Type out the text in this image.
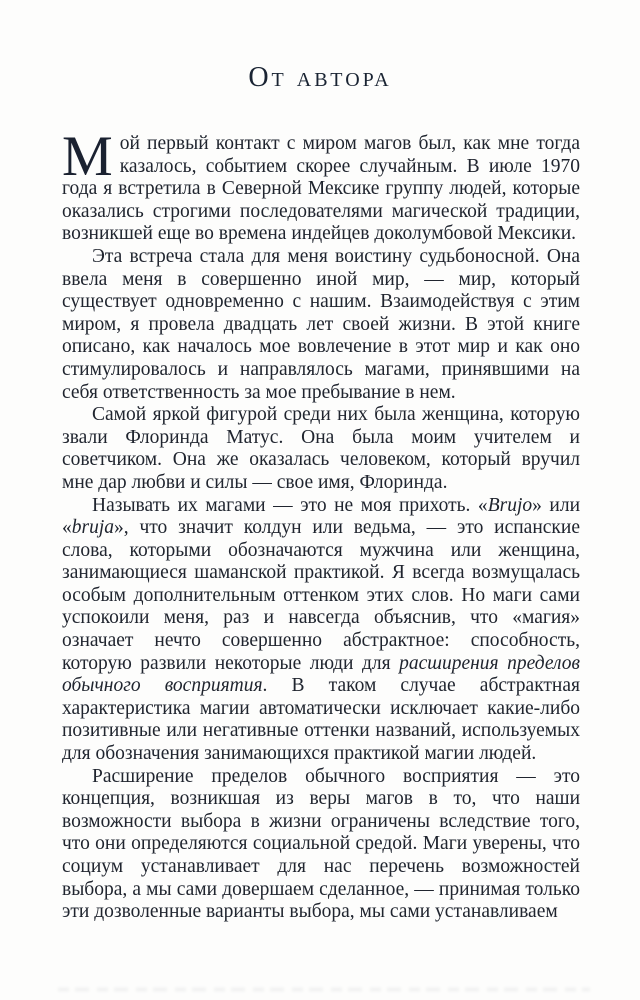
От автора

Мой первый контакт с миром магов был, как мне тогда казалось, событием скорее случайным. В июле 1970 года я встретила в Северной Мексике группу людей, которые оказались строгими последователями магической традиции, возникшей еще во времена индейцев доколумбовой Мексики.

Эта встреча стала для меня воистину судьбоносной. Она ввела меня в совершенно иной мир, — мир, который существует одновременно с нашим. Взаимодействуя с этим миром, я провела двадцать лет своей жизни. В этой книге описано, как началось мое вовлечение в этот мир и как оно стимулировалось и направлялось магами, принявшими на себя ответственность за мое пребывание в нем.

Самой яркой фигурой среди них была женщина, которую звали Флоринда Матус. Она была моим учителем и советчиком. Она же оказалась человеком, который вручил мне дар любви и силы — свое имя, Флоринда.

Называть их магами — это не моя прихоть. «Brujo» или «bruja», что значит колдун или ведьма, — это испанские слова, которыми обозначаются мужчина или женщина, занимающиеся шаманской практикой. Я всегда возмущалась особым дополнительным оттенком этих слов. Но маги сами успокоили меня, раз и навсегда объяснив, что «магия» означает нечто совершенно абстрактное: способность, которую развили некоторые люди для расширения пределов обычного восприятия. В таком случае абстрактная характеристика магии автоматически исключает какие-либо позитивные или негативные оттенки названий, используемых для обозначения занимающихся практикой магии людей.

Расширение пределов обычного восприятия — это концепция, возникшая из веры магов в то, что наши возможности выбора в жизни ограничены вследствие того, что они определяются социальной средой. Маги уверены, что социум устанавливает для нас перечень возможностей выбора, а мы сами довершаем сделанное, — принимая только эти дозволенные варианты выбора, мы сами устанавливаем
